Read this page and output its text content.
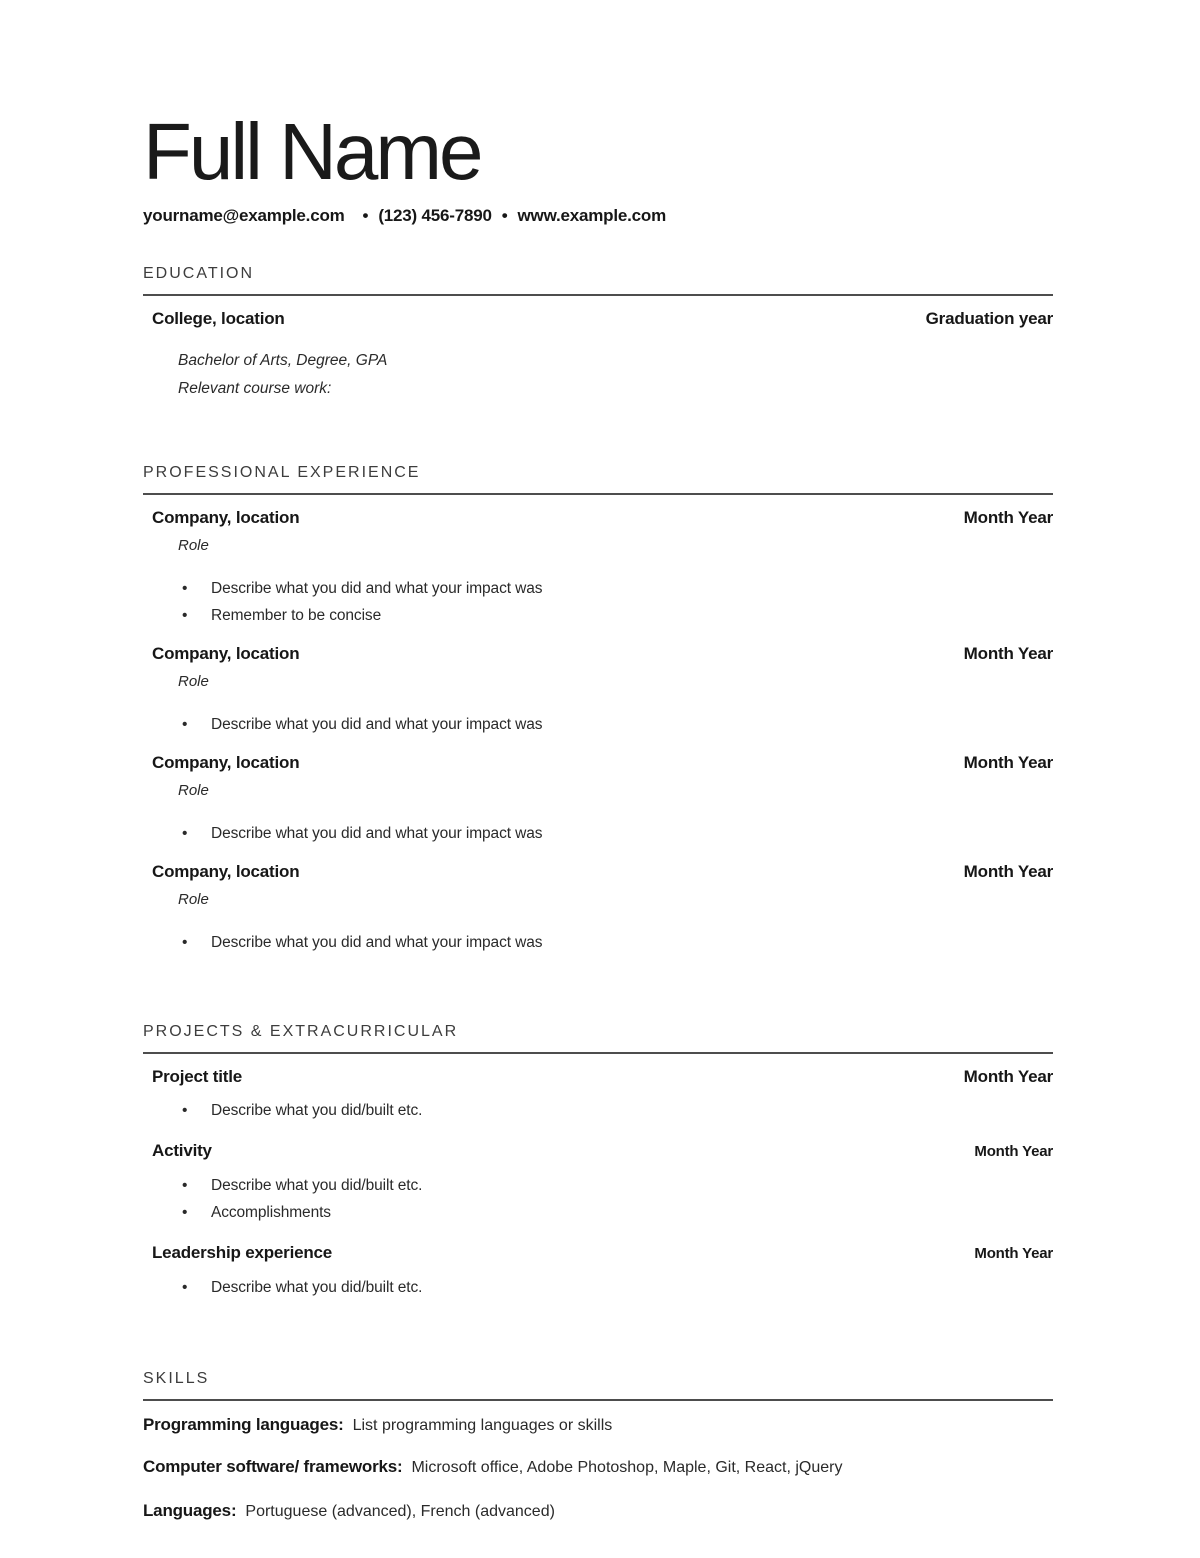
Full Name
yourname@example.com • (123) 456-7890 • www.example.com
EDUCATION
College, location	Graduation year
Bachelor of Arts, Degree, GPA
Relevant course work:
PROFESSIONAL EXPERIENCE
Company, location	Month Year
Role
• Describe what you did and what your impact was
• Remember to be concise
Company, location	Month Year
Role
• Describe what you did and what your impact was
Company, location	Month Year
Role
• Describe what you did and what your impact was
Company, location	Month Year
Role
• Describe what you did and what your impact was
PROJECTS & EXTRACURRICULAR
Project title	Month Year
• Describe what you did/built etc.
Activity	Month Year
• Describe what you did/built etc.
• Accomplishments
Leadership experience	Month Year
• Describe what you did/built etc.
SKILLS
Programming languages: List programming languages or skills
Computer software/ frameworks: Microsoft office, Adobe Photoshop, Maple, Git, React, jQuery
Languages: Portuguese (advanced), French (advanced)
